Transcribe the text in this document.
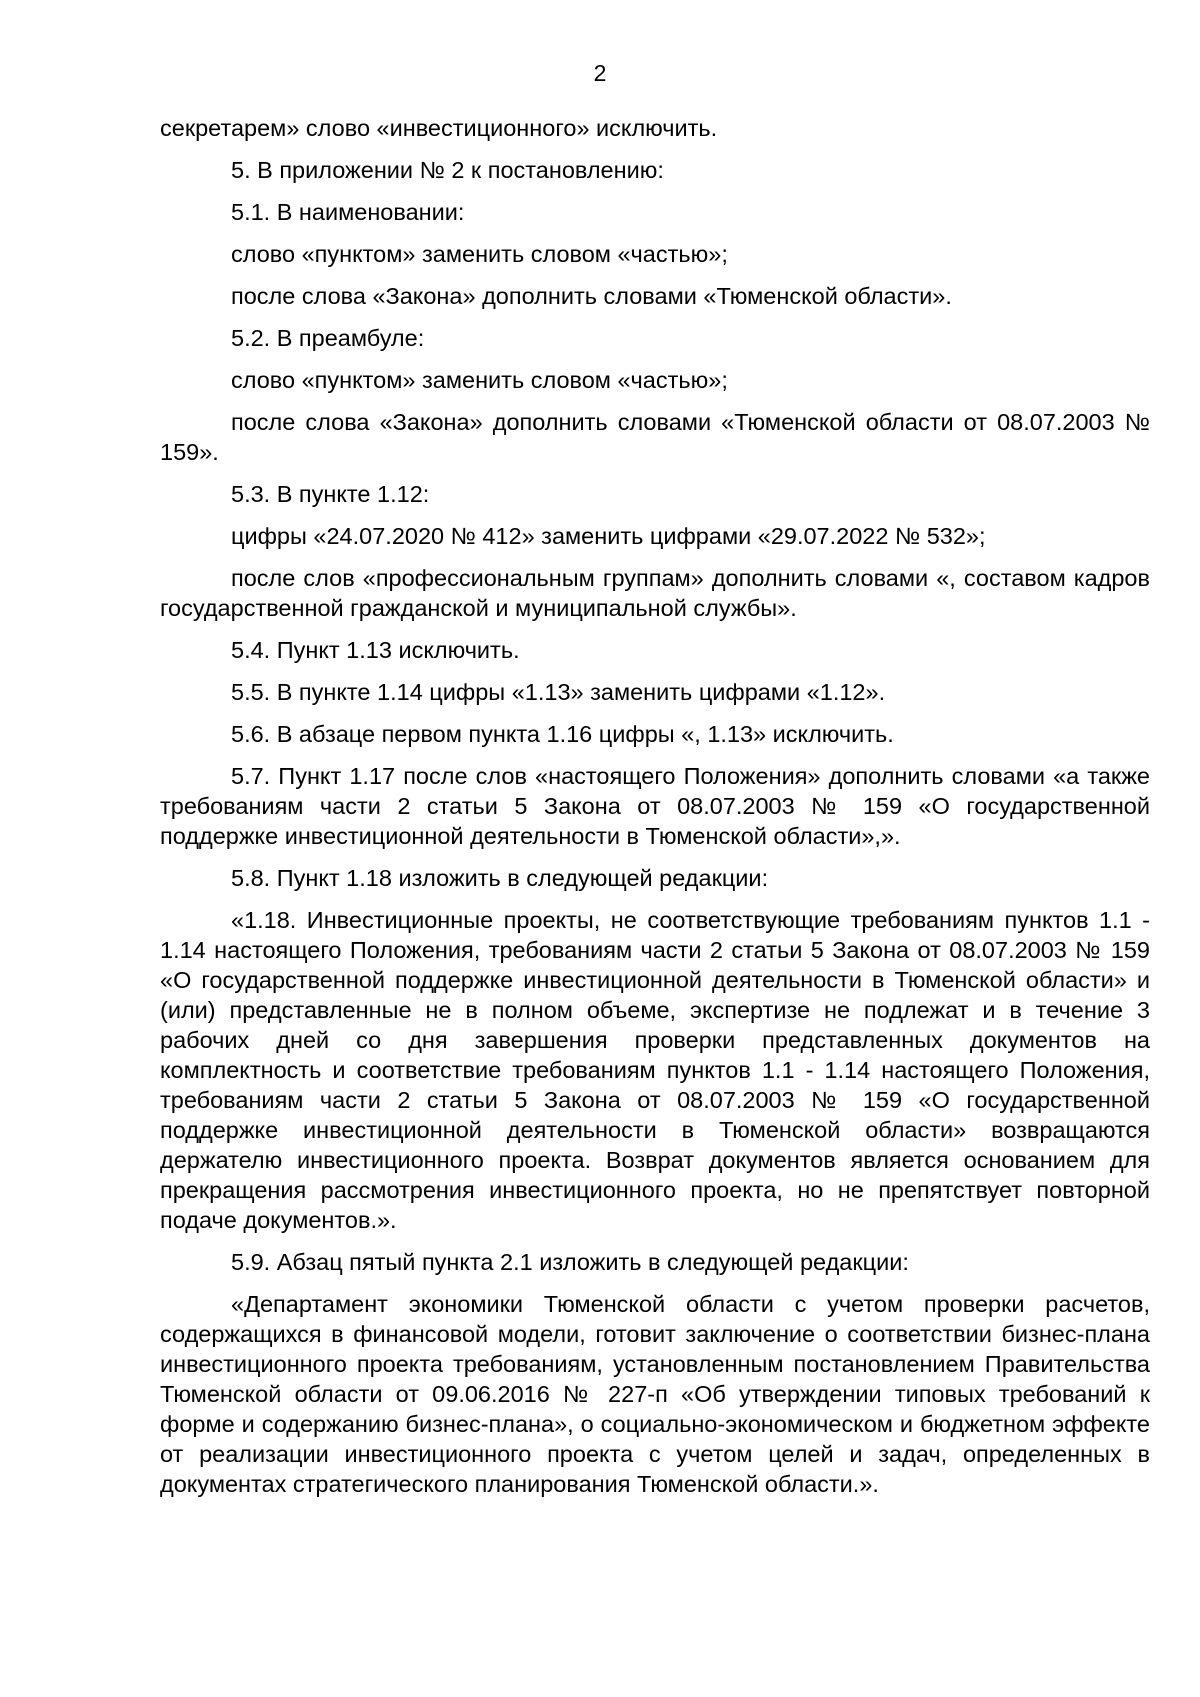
2

секретарем» слово «инвестиционного» исключить.

5. В приложении № 2 к постановлению:

5.1. В наименовании:

слово «пунктом» заменить словом «частью»;

после слова «Закона» дополнить словами «Тюменской области».

5.2. В преамбуле:

слово «пунктом» заменить словом «частью»;

после слова «Закона» дополнить словами «Тюменской области от 08.07.2003 № 159».

5.3. В пункте 1.12:

цифры «24.07.2020 № 412» заменить цифрами «29.07.2022 № 532»;

после слов «профессиональным группам» дополнить словами «, составом кадров государственной гражданской и муниципальной службы».

5.4. Пункт 1.13 исключить.

5.5. В пункте 1.14 цифры «1.13» заменить цифрами «1.12».

5.6. В абзаце первом пункта 1.16 цифры «, 1.13» исключить.

5.7. Пункт 1.17 после слов «настоящего Положения» дополнить словами «а также требованиям части 2 статьи 5 Закона от 08.07.2003 № 159 «О государственной поддержке инвестиционной деятельности в Тюменской области»,».

5.8. Пункт 1.18 изложить в следующей редакции:

«1.18. Инвестиционные проекты, не соответствующие требованиям пунктов 1.1 - 1.14 настоящего Положения, требованиям части 2 статьи 5 Закона от 08.07.2003 № 159 «О государственной поддержке инвестиционной деятельности в Тюменской области» и (или) представленные не в полном объеме, экспертизе не подлежат и в течение 3 рабочих дней со дня завершения проверки представленных документов на комплектность и соответствие требованиям пунктов 1.1 - 1.14 настоящего Положения, требованиям части 2 статьи 5 Закона от 08.07.2003 № 159 «О государственной поддержке инвестиционной деятельности в Тюменской области» возвращаются держателю инвестиционного проекта. Возврат документов является основанием для прекращения рассмотрения инвестиционного проекта, но не препятствует повторной подаче документов.».

5.9. Абзац пятый пункта 2.1 изложить в следующей редакции:

«Департамент экономики Тюменской области с учетом проверки расчетов, содержащихся в финансовой модели, готовит заключение о соответствии бизнес-плана инвестиционного проекта требованиям, установленным постановлением Правительства Тюменской области от 09.06.2016 № 227-п «Об утверждении типовых требований к форме и содержанию бизнес-плана», о социально-экономическом и бюджетном эффекте от реализации инвестиционного проекта с учетом целей и задач, определенных в документах стратегического планирования Тюменской области.».
